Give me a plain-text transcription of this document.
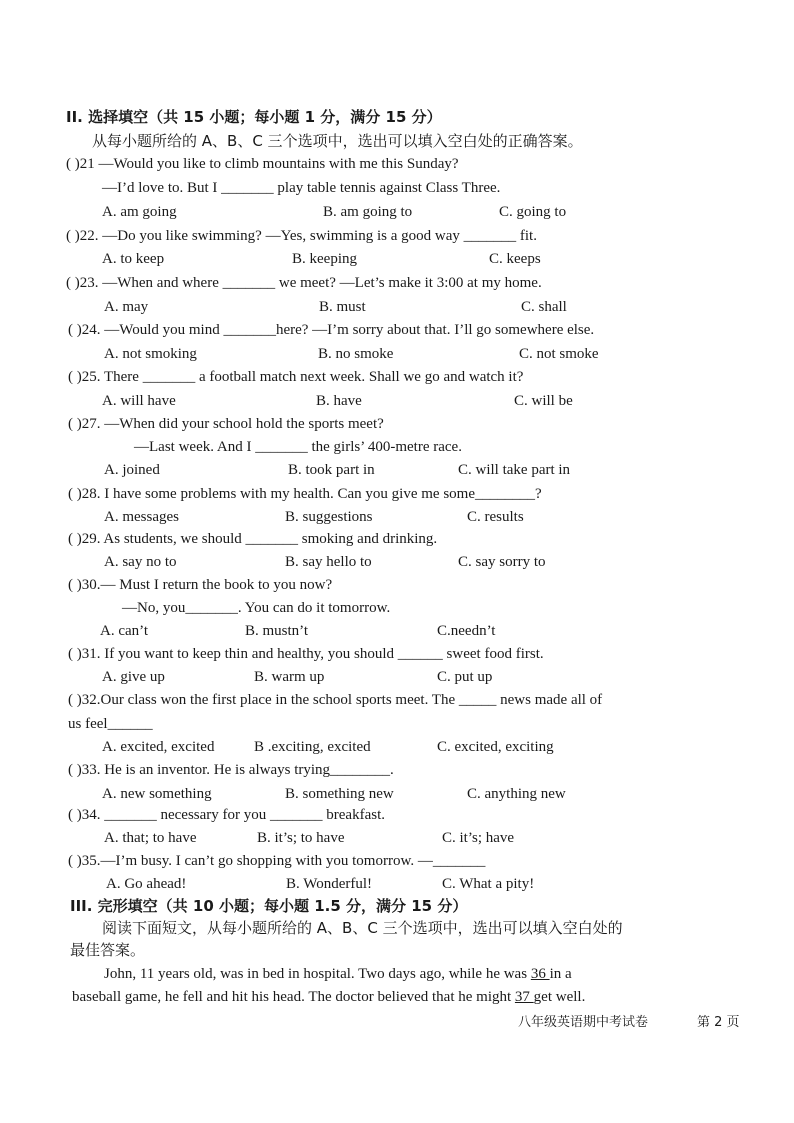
II. 选择填空（共 15 小题；每小题 1 分，满分 15 分）
从每小题所给的 A、B、C 三个选项中，选出可以填入空白处的正确答案。
( )21 —Would you like to climb mountains with me this Sunday?
—I’d love to. But I _______ play table tennis against Class Three.
A. am going	B. am going to	C. going to
( )22. —Do you like swimming? —Yes, swimming is a good way _______ fit.
A. to keep	B. keeping	C. keeps
( )23. —When and where _______ we meet? —Let’s make it 3:00 at my home.
A. may	B. must	C. shall
( )24. —Would you mind _______here? —I’m sorry about that. I’ll go somewhere else.
A. not smoking	B. no smoke	C. not smoke
( )25. There _______ a football match next week. Shall we go and watch it?
A. will have	B. have	C. will be
( )27. —When did your school hold the sports meet?
—Last week. And I _______ the girls’ 400-metre race.
A. joined	B. took part in	C. will take part in
( )28. I have some problems with my health. Can you give me some________?
A. messages	B. suggestions	C. results
( )29. As students, we should _______ smoking and drinking.
A. say no to	B. say hello to	C. say sorry to
( )30.— Must I return the book to you now?
—No, you_______. You can do it tomorrow.
A. can’t	B. mustn’t	C.needn’t
( )31. If you want to keep thin and healthy, you should ______ sweet food first.
A. give up	B. warm up	C. put up
( )32.Our class won the first place in the school sports meet. The _____ news made all of
us feel______
A. excited, excited	B .exciting, excited	C. excited, exciting
( )33. He is an inventor. He is always trying________.
A. new something	B. something new	C. anything new
( )34. _______ necessary for you _______ breakfast.
A. that; to have	B. it’s; to have	C. it’s; have
( )35.—I’m busy. I can’t go shopping with you tomorrow. —_______
A. Go ahead!	B. Wonderful!	C. What a pity!
III. 完形填空（共 10 小题；每小题 1.5 分，满分 15 分）
阅读下面短文，从每小题所给的 A、B、C 三个选项中，选出可以填入空白处的
最佳答案。
John, 11 years old, was in bed in hospital. Two days ago, while he was 36 in a
baseball game, he fell and hit his head. The doctor believed that he might 37 get well.
八年级英语期中考试卷	第 2 页
